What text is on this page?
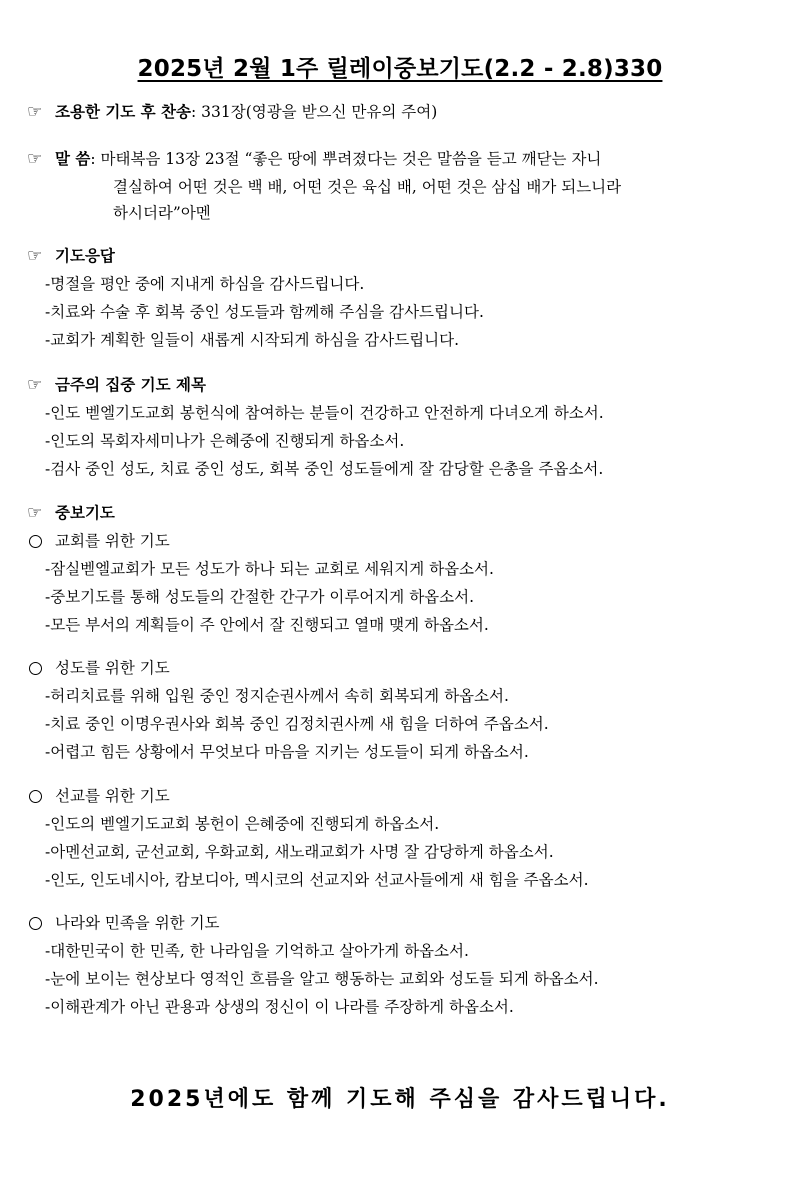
2025년 2월 1주 릴레이중보기도(2.2 - 2.8)330
☞ 조용한 기도 후 찬송: 331장(영광을 받으신 만유의 주여)
☞ 말 씀: 마태복음 13장 23절 “좋은 땅에 뿌려졌다는 것은 말씀을 듣고 깨닫는 자니
결실하여 어떤 것은 백 배, 어떤 것은 육십 배, 어떤 것은 삼십 배가 되느니라
하시더라”아멘
☞ 기도응답
-명절을 평안 중에 지내게 하심을 감사드립니다.
-치료와 수술 후 회복 중인 성도들과 함께해 주심을 감사드립니다.
-교회가 계획한 일들이 새롭게 시작되게 하심을 감사드립니다.
☞ 금주의 집중 기도 제목
-인도 벧엘기도교회 봉헌식에 참여하는 분들이 건강하고 안전하게 다녀오게 하소서.
-인도의 목회자세미나가 은혜중에 진행되게 하옵소서.
-검사 중인 성도, 치료 중인 성도, 회복 중인 성도들에게 잘 감당할 은총을 주옵소서.
☞ 중보기도
교회를 위한 기도
-잠실벧엘교회가 모든 성도가 하나 되는 교회로 세워지게 하옵소서.
-중보기도를 통해 성도들의 간절한 간구가 이루어지게 하옵소서.
-모든 부서의 계획들이 주 안에서 잘 진행되고 열매 맺게 하옵소서.
성도를 위한 기도
-허리치료를 위해 입원 중인 정지순권사께서 속히 회복되게 하옵소서.
-치료 중인 이명우권사와 회복 중인 김정치권사께 새 힘을 더하여 주옵소서.
-어렵고 힘든 상황에서 무엇보다 마음을 지키는 성도들이 되게 하옵소서.
선교를 위한 기도
-인도의 벧엘기도교회 봉헌이 은혜중에 진행되게 하옵소서.
-아멘선교회, 군선교회, 우화교회, 새노래교회가 사명 잘 감당하게 하옵소서.
-인도, 인도네시아, 캄보디아, 멕시코의 선교지와 선교사들에게 새 힘을 주옵소서.
나라와 민족을 위한 기도
-대한민국이 한 민족, 한 나라임을 기억하고 살아가게 하옵소서.
-눈에 보이는 현상보다 영적인 흐름을 알고 행동하는 교회와 성도들 되게 하옵소서.
-이해관계가 아닌 관용과 상생의 정신이 이 나라를 주장하게 하옵소서.
2025년에도 함께 기도해 주심을 감사드립니다.
